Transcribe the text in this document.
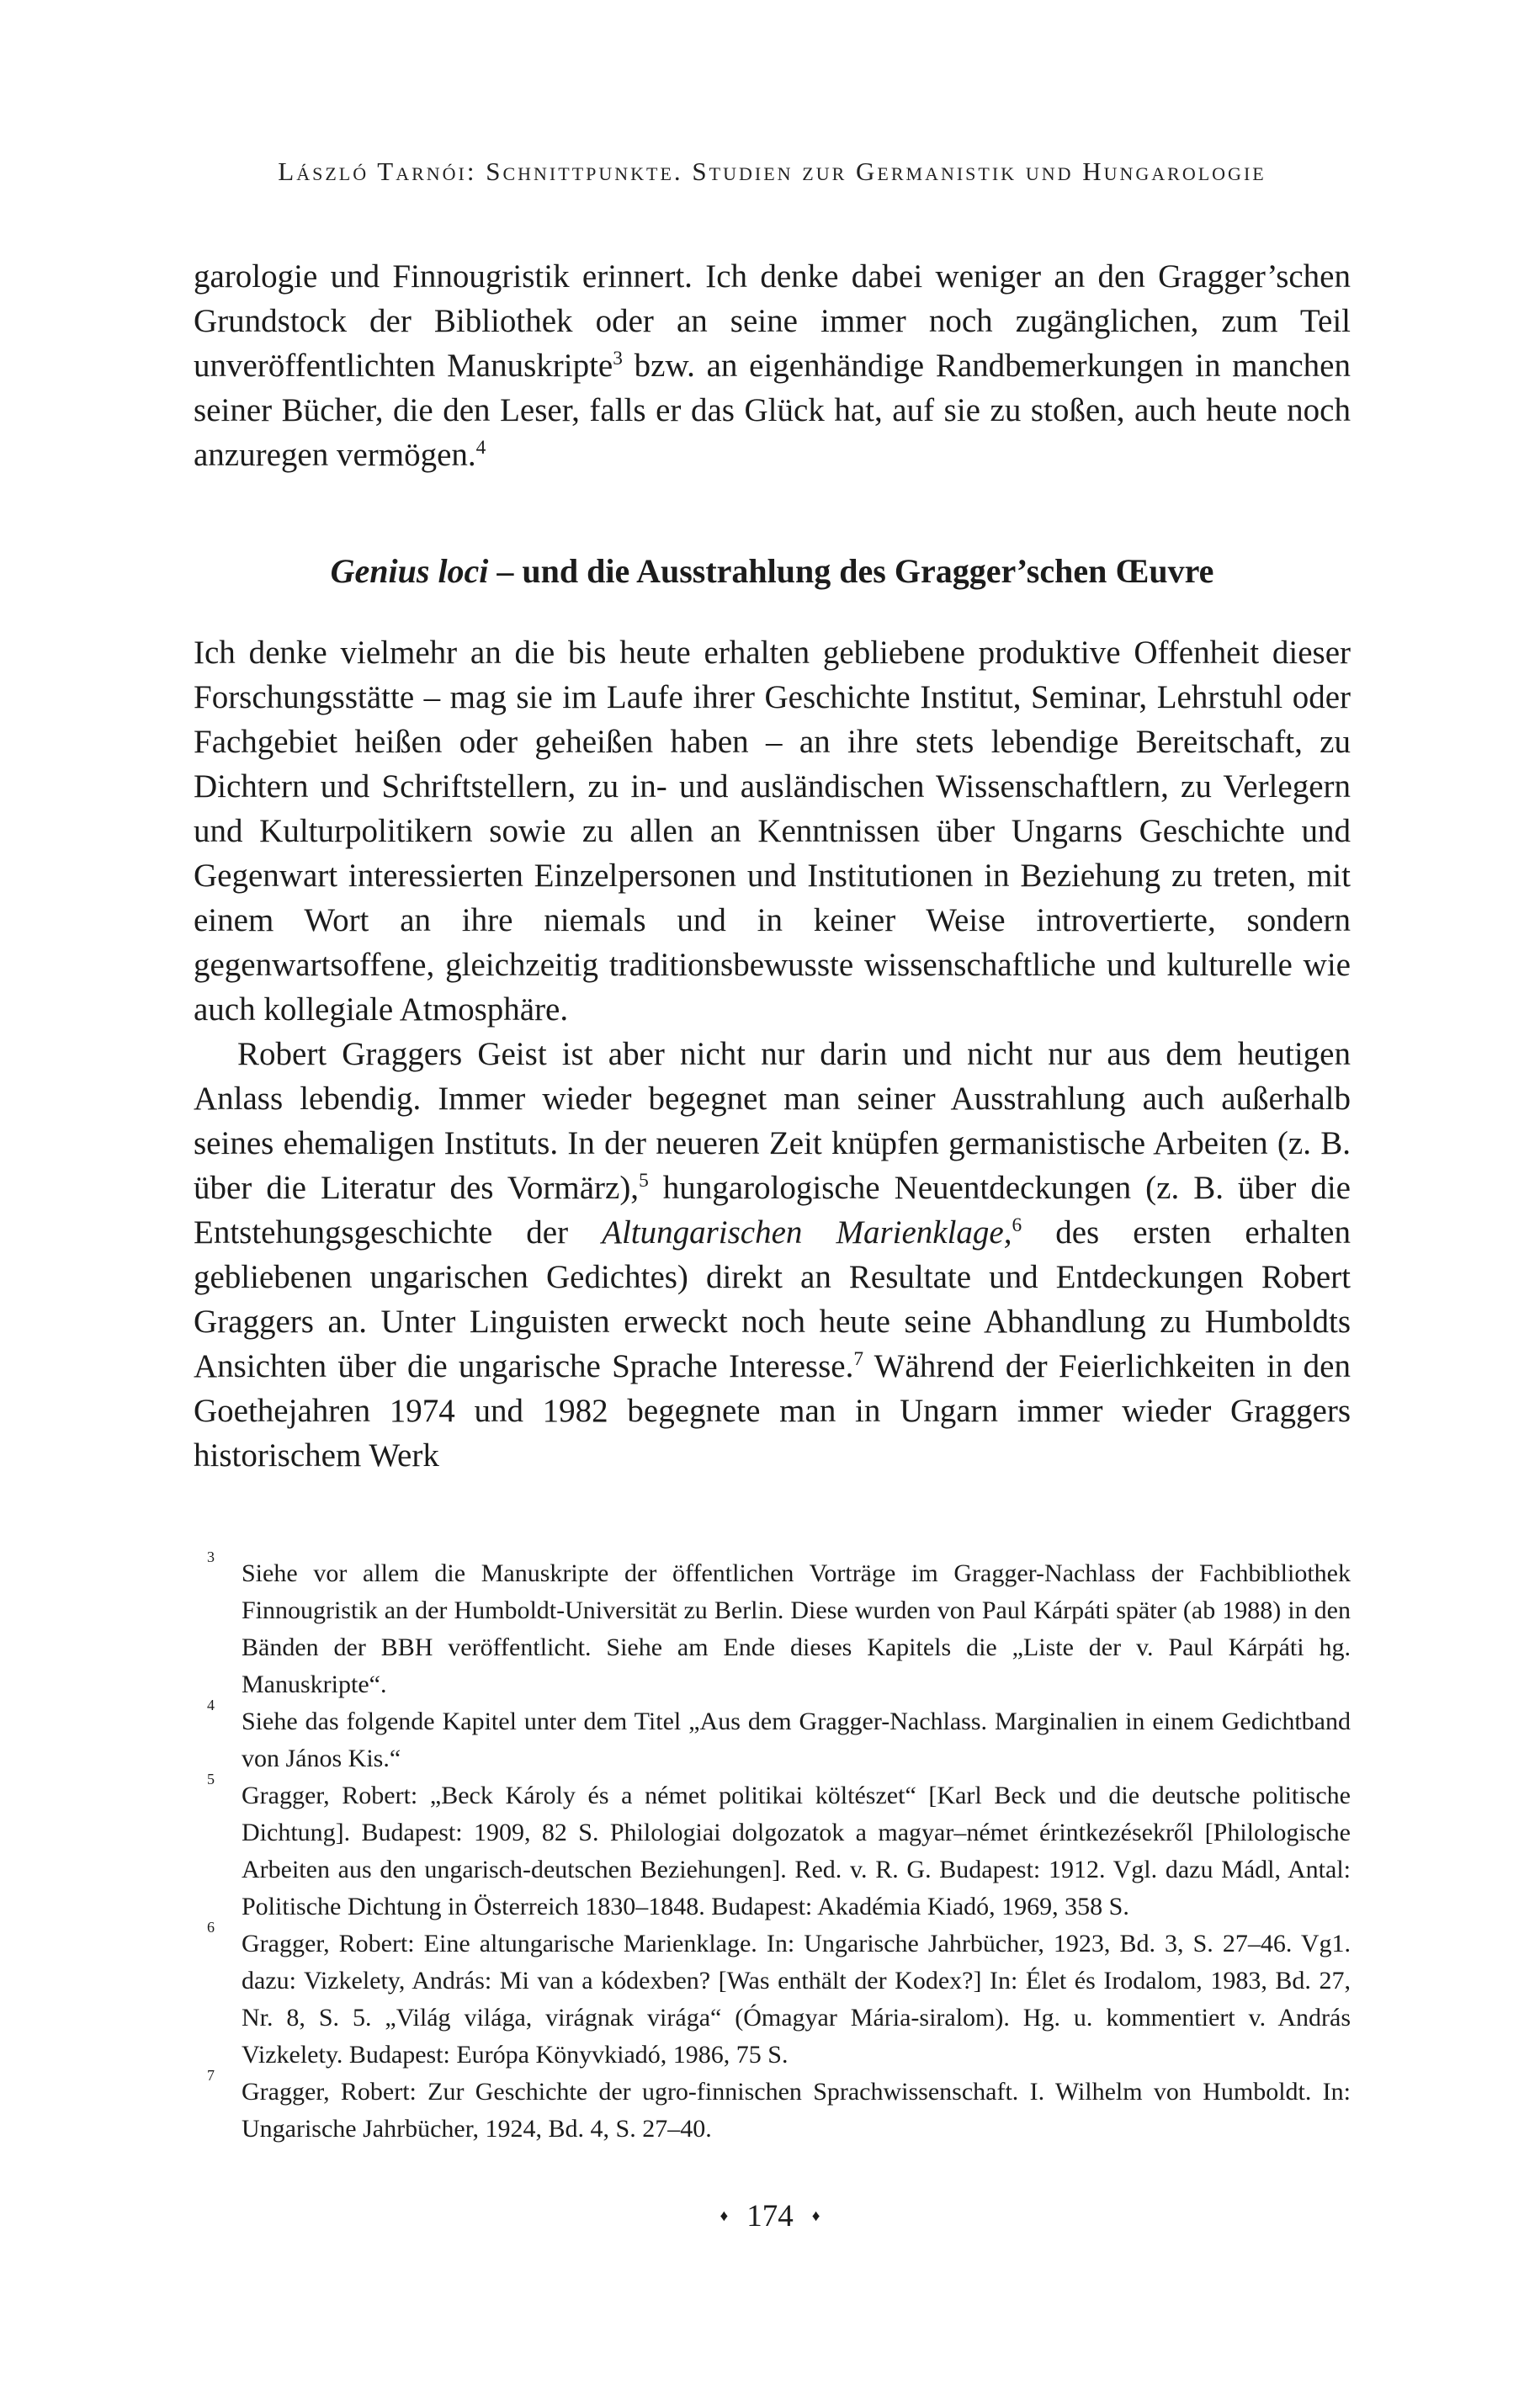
László Tarnói: Schnittpunkte. Studien zur Germanistik und Hungarologie

garologie und Finnougristik erinnert. Ich denke dabei weniger an den Gragger’schen Grundstock der Bibliothek oder an seine immer noch zugänglichen, zum Teil unveröffentlichten Manuskripte$^3$ bzw. an eigenhändige Randbemerkungen in manchen seiner Bücher, die den Leser, falls er das Glück hat, auf sie zu stoßen, auch heute noch anzuregen vermögen.$^4$

Genius loci – und die Ausstrahlung des Gragger’schen Œuvre

Ich denke vielmehr an die bis heute erhalten gebliebene produktive Offenheit dieser Forschungsstätte – mag sie im Laufe ihrer Geschichte Institut, Seminar, Lehrstuhl oder Fachgebiet heißen oder geheißen haben – an ihre stets lebendige Bereitschaft, zu Dichtern und Schriftstellern, zu in- und ausländischen Wissenschaftlern, zu Verlegern und Kulturpolitikern sowie zu allen an Kenntnissen über Ungarns Geschichte und Gegenwart interessierten Einzelpersonen und Institutionen in Beziehung zu treten, mit einem Wort an ihre niemals und in keiner Weise introvertierte, sondern gegenwartsoffene, gleichzeitig traditionsbewusste wissenschaftliche und kulturelle wie auch kollegiale Atmosphäre.

Robert Graggers Geist ist aber nicht nur darin und nicht nur aus dem heutigen Anlass lebendig. Immer wieder begegnet man seiner Ausstrahlung auch außerhalb seines ehemaligen Instituts. In der neueren Zeit knüpfen germanistische Arbeiten (z. B. über die Literatur des Vormärz),$^5$ hungarologische Neuentdeckungen (z. B. über die Entstehungsgeschichte der Altungarischen Marienklage,$^6$ des ersten erhalten gebliebenen ungarischen Gedichtes) direkt an Resultate und Entdeckungen Robert Graggers an. Unter Linguisten erweckt noch heute seine Abhandlung zu Humboldts Ansichten über die ungarische Sprache Interesse.$^7$ Während der Feierlichkeiten in den Goethejahren 1974 und 1982 begegnete man in Ungarn immer wieder Graggers historischem Werk

3
Siehe vor allem die Manuskripte der öffentlichen Vorträge im Gragger-Nachlass der Fachbibliothek Finnougristik an der Humboldt-Universität zu Berlin. Diese wurden von Paul Kárpáti später (ab 1988) in den Bänden der BBH veröffentlicht. Siehe am Ende dieses Kapitels die „Liste der v. Paul Kárpáti hg. Manuskripte“.
4
Siehe das folgende Kapitel unter dem Titel „Aus dem Gragger-Nachlass. Marginalien in einem Gedichtband von János Kis.“
5
Gragger, Robert: „Beck Károly és a német politikai költészet“ [Karl Beck und die deutsche politische Dichtung]. Budapest: 1909, 82 S. Philologiai dolgozatok a magyar–német érintkezésekről [Philologische Arbeiten aus den ungarisch-deutschen Beziehungen]. Red. v. R. G. Budapest: 1912. Vgl. dazu Mádl, Antal: Politische Dichtung in Österreich 1830–1848. Budapest: Akadémia Kiadó, 1969, 358 S.
6
Gragger, Robert: Eine altungarische Marienklage. In: Ungarische Jahrbücher, 1923, Bd. 3, S. 27–46. Vg1. dazu: Vizkelety, András: Mi van a kódexben? [Was enthält der Kodex?] In: Élet és Irodalom, 1983, Bd. 27, Nr. 8, S. 5. „Világ világa, virágnak virága“ (Ómagyar Mária-siralom). Hg. u. kommentiert v. András Vizkelety. Budapest: Európa Könyvkiadó, 1986, 75 S.
7
Gragger, Robert: Zur Geschichte der ugro-finnischen Sprachwissenschaft. I. Wilhelm von Humboldt. In: Ungarische Jahrbücher, 1924, Bd. 4, S. 27–40.
♦ 174 ♦
